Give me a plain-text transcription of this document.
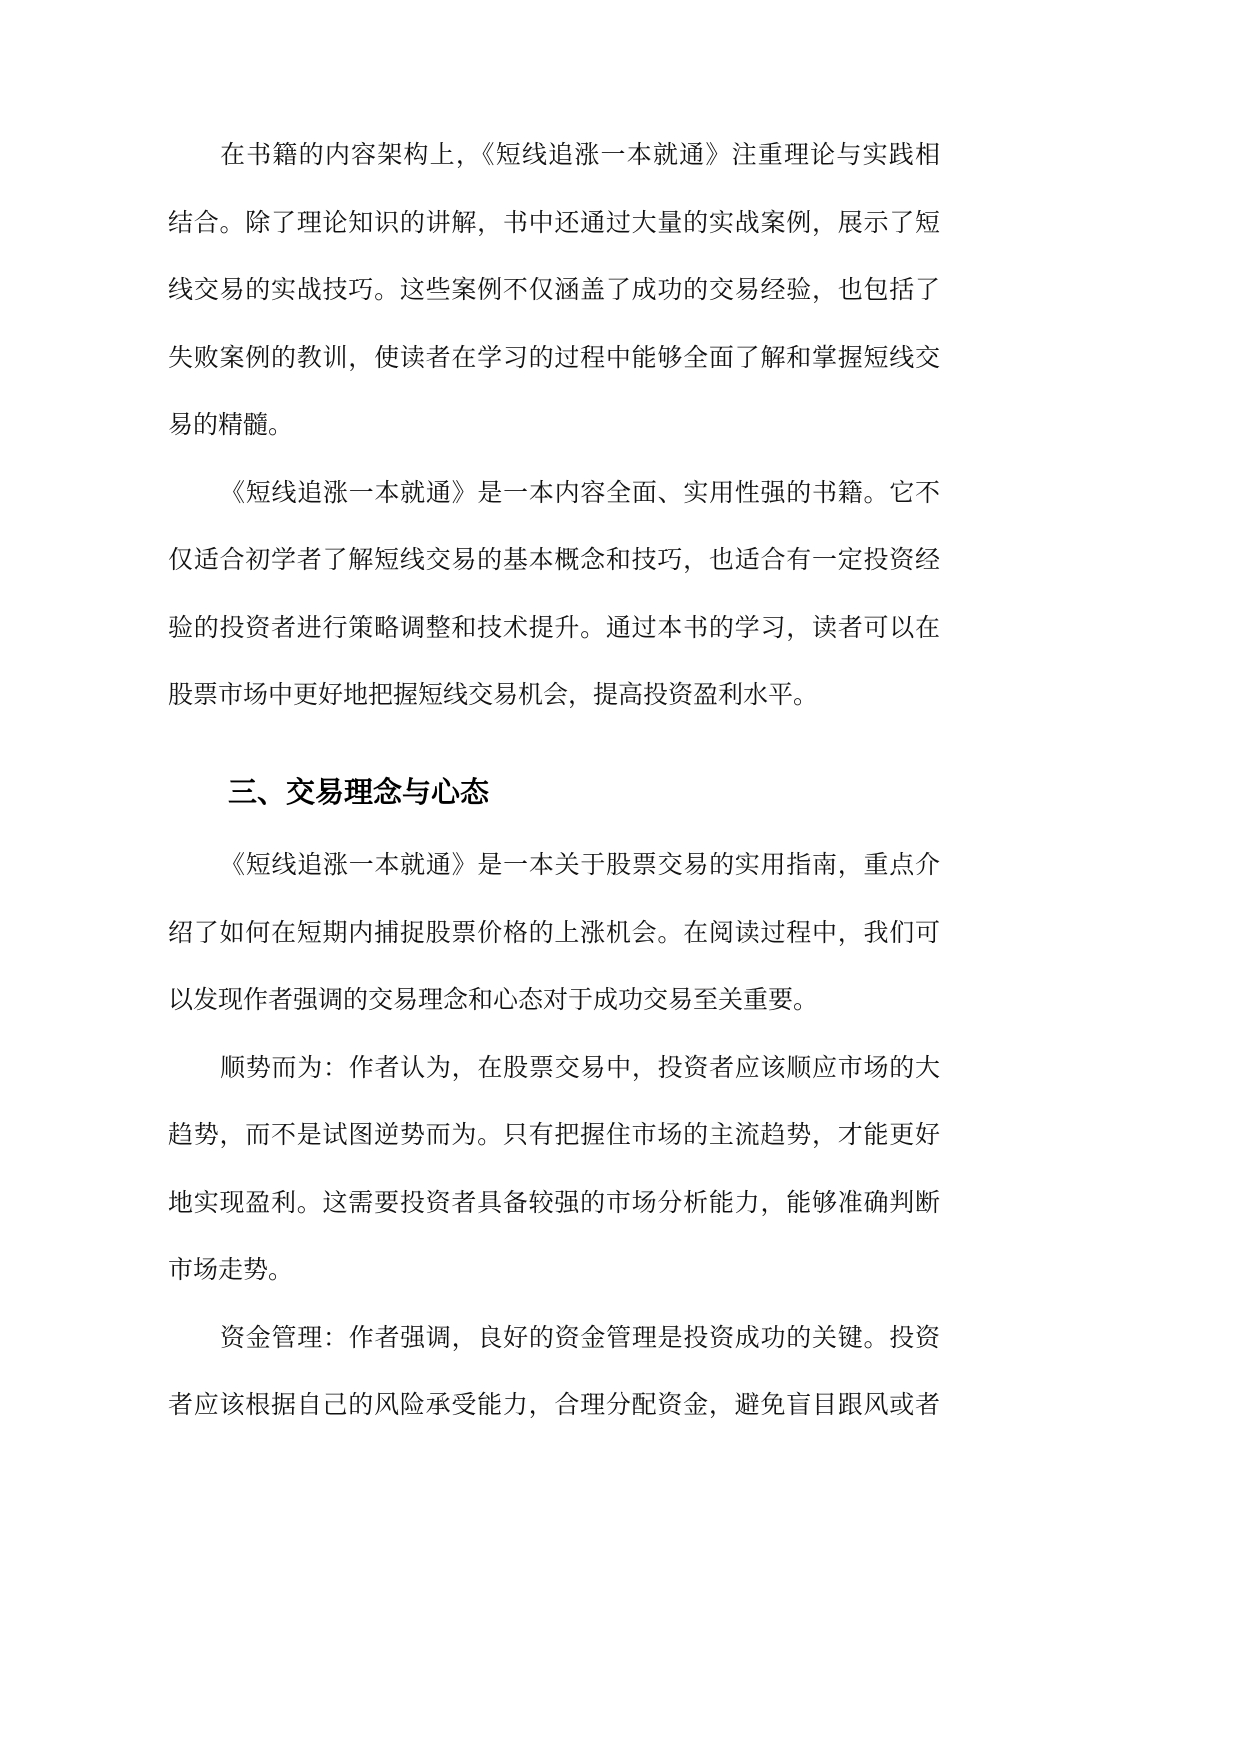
在书籍的内容架构上，《短线追涨一本就通》注重理论与实践相
结合。除了理论知识的讲解，书中还通过大量的实战案例，展示了短
线交易的实战技巧。这些案例不仅涵盖了成功的交易经验，也包括了
失败案例的教训，使读者在学习的过程中能够全面了解和掌握短线交
易的精髓。
《短线追涨一本就通》是一本内容全面、实用性强的书籍。它不
仅适合初学者了解短线交易的基本概念和技巧，也适合有一定投资经
验的投资者进行策略调整和技术提升。通过本书的学习，读者可以在
股票市场中更好地把握短线交易机会，提高投资盈利水平。
三、交易理念与心态
《短线追涨一本就通》是一本关于股票交易的实用指南，重点介
绍了如何在短期内捕捉股票价格的上涨机会。在阅读过程中，我们可
以发现作者强调的交易理念和心态对于成功交易至关重要。
顺势而为：作者认为，在股票交易中，投资者应该顺应市场的大
趋势，而不是试图逆势而为。只有把握住市场的主流趋势，才能更好
地实现盈利。这需要投资者具备较强的市场分析能力，能够准确判断
市场走势。
资金管理：作者强调，良好的资金管理是投资成功的关键。投资
者应该根据自己的风险承受能力，合理分配资金，避免盲目跟风或者
